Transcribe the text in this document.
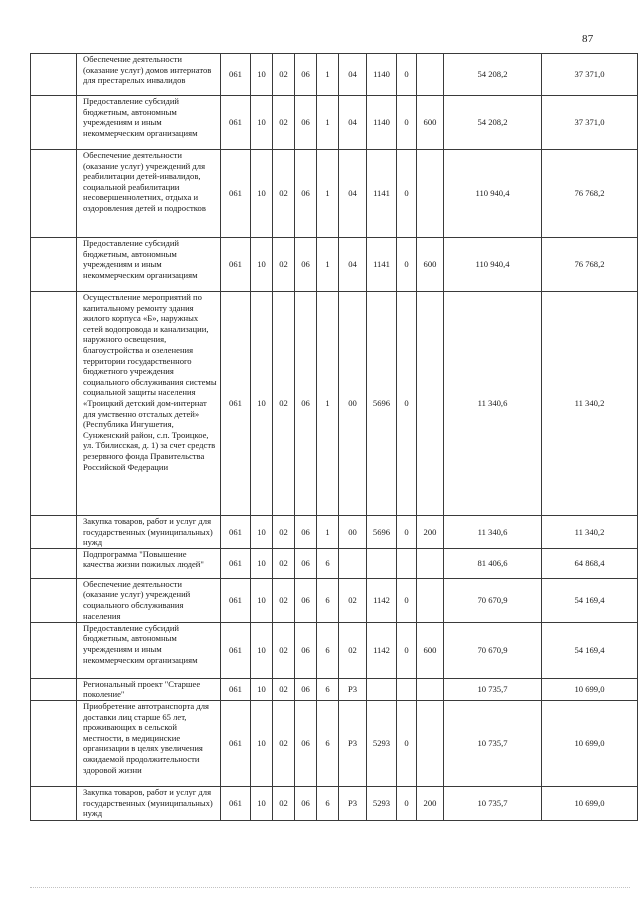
87
	Обеспечение деятельности (оказание услуг) домов интернатов для престарелых инвалидов	061	10	02	06	1	04	1140	0		54 208,2	37 371,0
	Предоставление субсидий бюджетным, автономным учреждениям и иным некоммерческим организациям	061	10	02	06	1	04	1140	0	600	54 208,2	37 371,0
	Обеспечение деятельности (оказание услуг) учреждений для реабилитации детей-инвалидов, социальной реабилитации несовершеннолетних, отдыха и оздоровления детей и подростков	061	10	02	06	1	04	1141	0		110 940,4	76 768,2
	Предоставление субсидий бюджетным, автономным учреждениям и иным некоммерческим организациям	061	10	02	06	1	04	1141	0	600	110 940,4	76 768,2
	Осуществление мероприятий по капитальному ремонту здания жилого корпуса «Б», наружных сетей водопровода и канализации, наружного освещения, благоустройства и озеленения территории государственного бюджетного учреждения социального обслуживания системы социальной защиты населения «Троицкий детский дом-интернат для умственно отсталых детей» (Республика Ингушетия, Сунженский район, с.п. Троицкое, ул. Тбилисская, д. 1) за счет средств резервного фонда Правительства Российской Федерации	061	10	02	06	1	00	5696	0		11 340,6	11 340,2
	Закупка товаров, работ и услуг для государственных (муниципальных) нужд	061	10	02	06	1	00	5696	0	200	11 340,6	11 340,2
	Подпрограмма "Повышение качества жизни пожилых людей"	061	10	02	06	6					81 406,6	64 868,4
	Обеспечение деятельности (оказание услуг) учреждений социального обслуживания населения	061	10	02	06	6	02	1142	0		70 670,9	54 169,4
	Предоставление субсидий бюджетным, автономным учреждениям и иным некоммерческим организациям	061	10	02	06	6	02	1142	0	600	70 670,9	54 169,4
	Региональный проект "Старшее поколение"	061	10	02	06	6	Р3				10 735,7	10 699,0
	Приобретение автотранспорта для доставки лиц старше 65 лет, проживающих в сельской местности, в медицинские организации в целях увеличения ожидаемой продолжительности здоровой жизни	061	10	02	06	6	Р3	5293	0		10 735,7	10 699,0
	Закупка товаров, работ и услуг для государственных (муниципальных) нужд	061	10	02	06	6	Р3	5293	0	200	10 735,7	10 699,0
